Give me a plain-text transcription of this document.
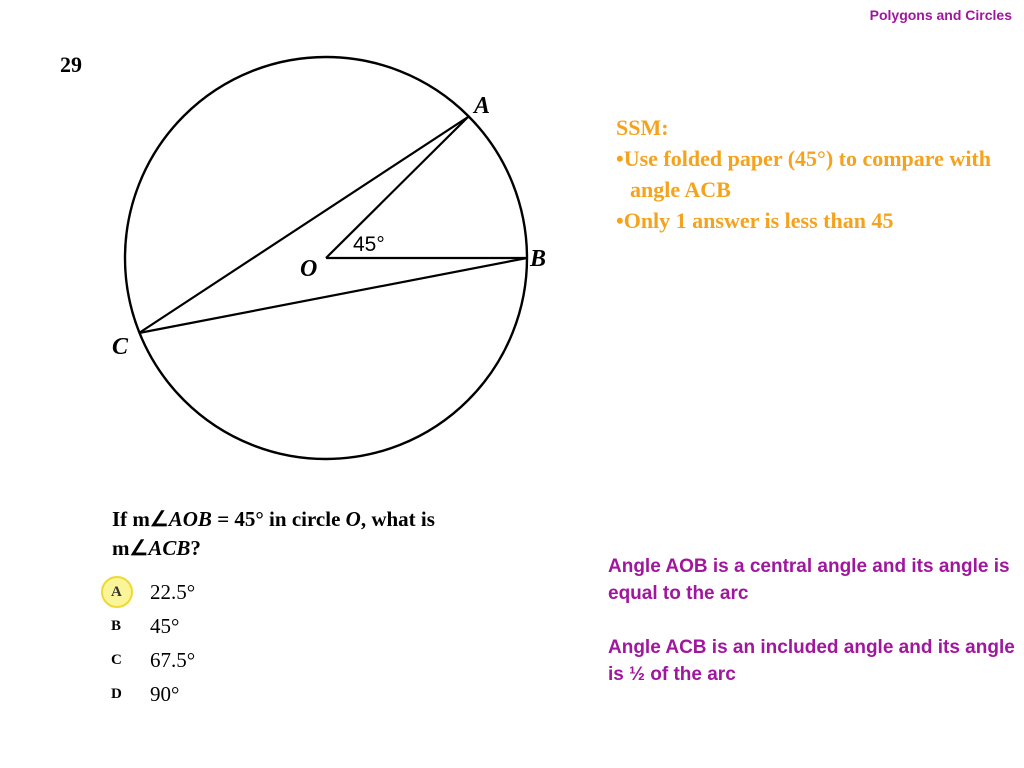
Polygons and Circles
29
A
B
C
O
45°
If m∠AOB = 45° in circle O, what is
m∠ACB?
A	22.5°
B	45°
C	67.5°
D	90°
SSM:
•Use folded paper (45°) to compare with angle ACB
•Only 1 answer is less than 45

Angle AOB is a central angle and its angle is equal to the arc

Angle ACB is an included angle and its angle is ½ of the arc
